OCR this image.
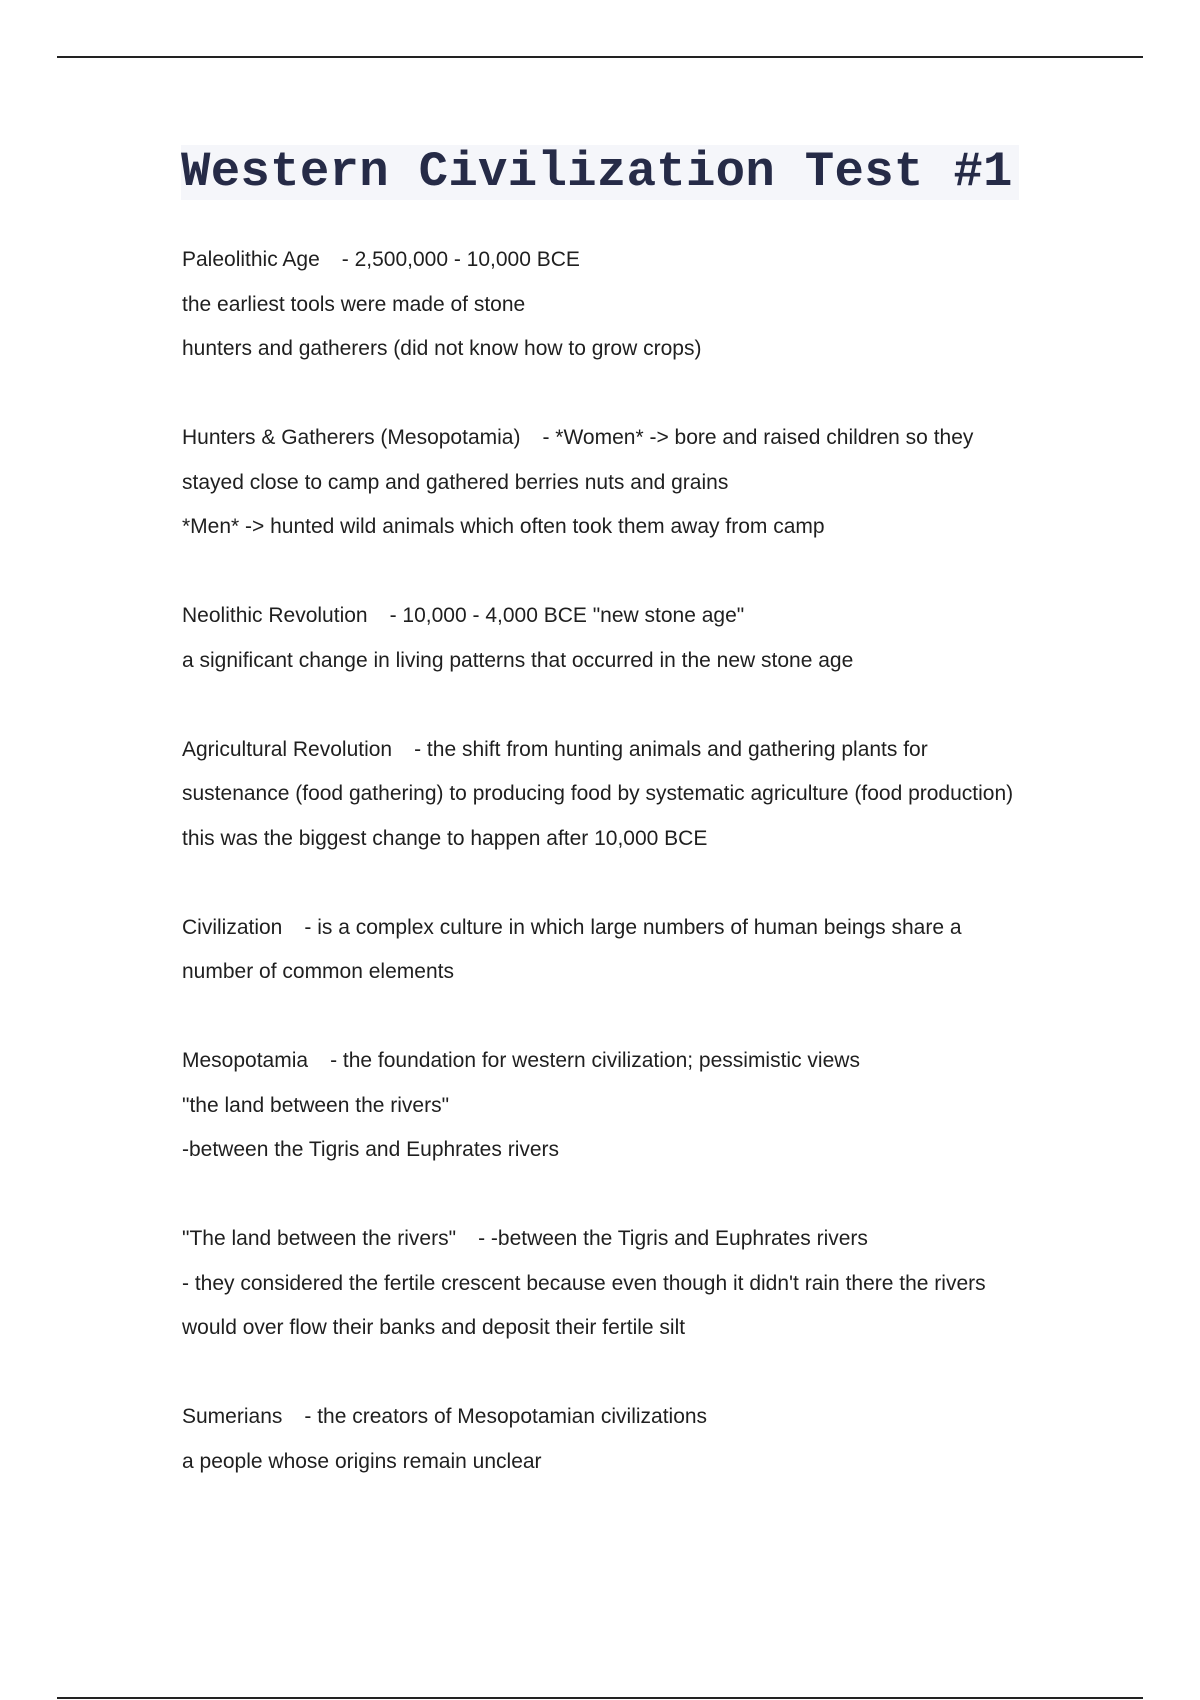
Western Civilization Test #1

Paleolithic Age - 2,500,000 - 10,000 BCE

the earliest tools were made of stone

hunters and gatherers (did not know how to grow crops)

Hunters & Gatherers (Mesopotamia) - *Women* -> bore and raised children so they stayed close to camp and gathered berries nuts and grains

*Men* -> hunted wild animals which often took them away from camp

Neolithic Revolution - 10,000 - 4,000 BCE "new stone age"

a significant change in living patterns that occurred in the new stone age

Agricultural Revolution - the shift from hunting animals and gathering plants for sustenance (food gathering) to producing food by systematic agriculture (food production)

this was the biggest change to happen after 10,000 BCE

Civilization - is a complex culture in which large numbers of human beings share a number of common elements

Mesopotamia - the foundation for western civilization; pessimistic views

"the land between the rivers"

-between the Tigris and Euphrates rivers

"The land between the rivers" - -between the Tigris and Euphrates rivers

- they considered the fertile crescent because even though it didn't rain there the rivers would over flow their banks and deposit their fertile silt

Sumerians - the creators of Mesopotamian civilizations

a people whose origins remain unclear
